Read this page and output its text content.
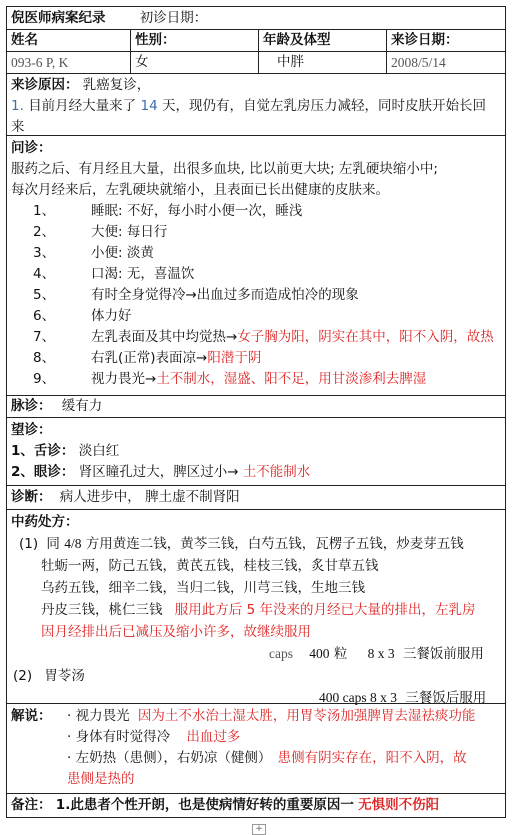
倪医师病案纪录	初诊日期：
姓名	性别：	年龄及体型	来诊日期：
093-6 P, K	女	中胖	2008/5/14
来诊原因： 乳癌复诊，
1. 目前月经大量来了 14 天，现仍有，自觉左乳房压力减轻，同时皮肤开始长回
来
问诊：
服药之后、有月经且大量，出很多血块, 比以前更大块; 左乳硬块缩小中;
每次月经来后，左乳硬块就缩小，且表面已长出健康的皮肤来。
1、	睡眠: 不好，每小时小便一次，睡浅
2、	大便: 每日行
3、	小便: 淡黄
4、	口渴: 无，喜温饮
5、	有时全身觉得冷→出血过多而造成怕冷的现象
6、	体力好
7、	左乳表面及其中均觉热→ 女子胸为阳，阴实在其中，阳不入阴，故热
8、	右乳(正常)表面凉→ 阳潜于阴
9、	视力畏光→ 土不制水，湿盛、阳不足，用甘淡渗利去脾湿
脉诊： 缓有力
望诊：
1、舌诊： 淡白红
2、眼诊： 肾区瞳孔过大，脾区过小→ 土不能制水
诊断： 病人进步中， 脾土虚不制肾阳
中药处方：
(1) 同 4/8 方用黄连二钱，黄芩三钱，白芍五钱，瓦楞子五钱，炒麦芽五钱
牡蛎一两，防己五钱，黄芪五钱，桂枝三钱，炙甘草五钱
乌药五钱，细辛二钱，当归二钱，川芎三钱，生地三钱
丹皮三钱，桃仁三钱 服用此方后 5 年没来的月经已大量的排出，左乳房
因月经排出后已减压及缩小许多，故继续服用
caps 400 粒 8 x 3 三餐饭前服用
(2) 胃苓汤
400 caps 8 x 3 三餐饭后服用
解说： · 视力畏光 因为土不水治土湿太胜，用胃苓汤加强脾胃去湿祛痰功能
· 身体有时觉得冷 出血过多
· 左奶热（患侧），右奶凉（健侧） 患侧有阴实存在，阳不入阴，故
患侧是热的
备注： 1.此患者个性开朗，也是使病情好转的重要原因一 无惧则不伤阳
+
